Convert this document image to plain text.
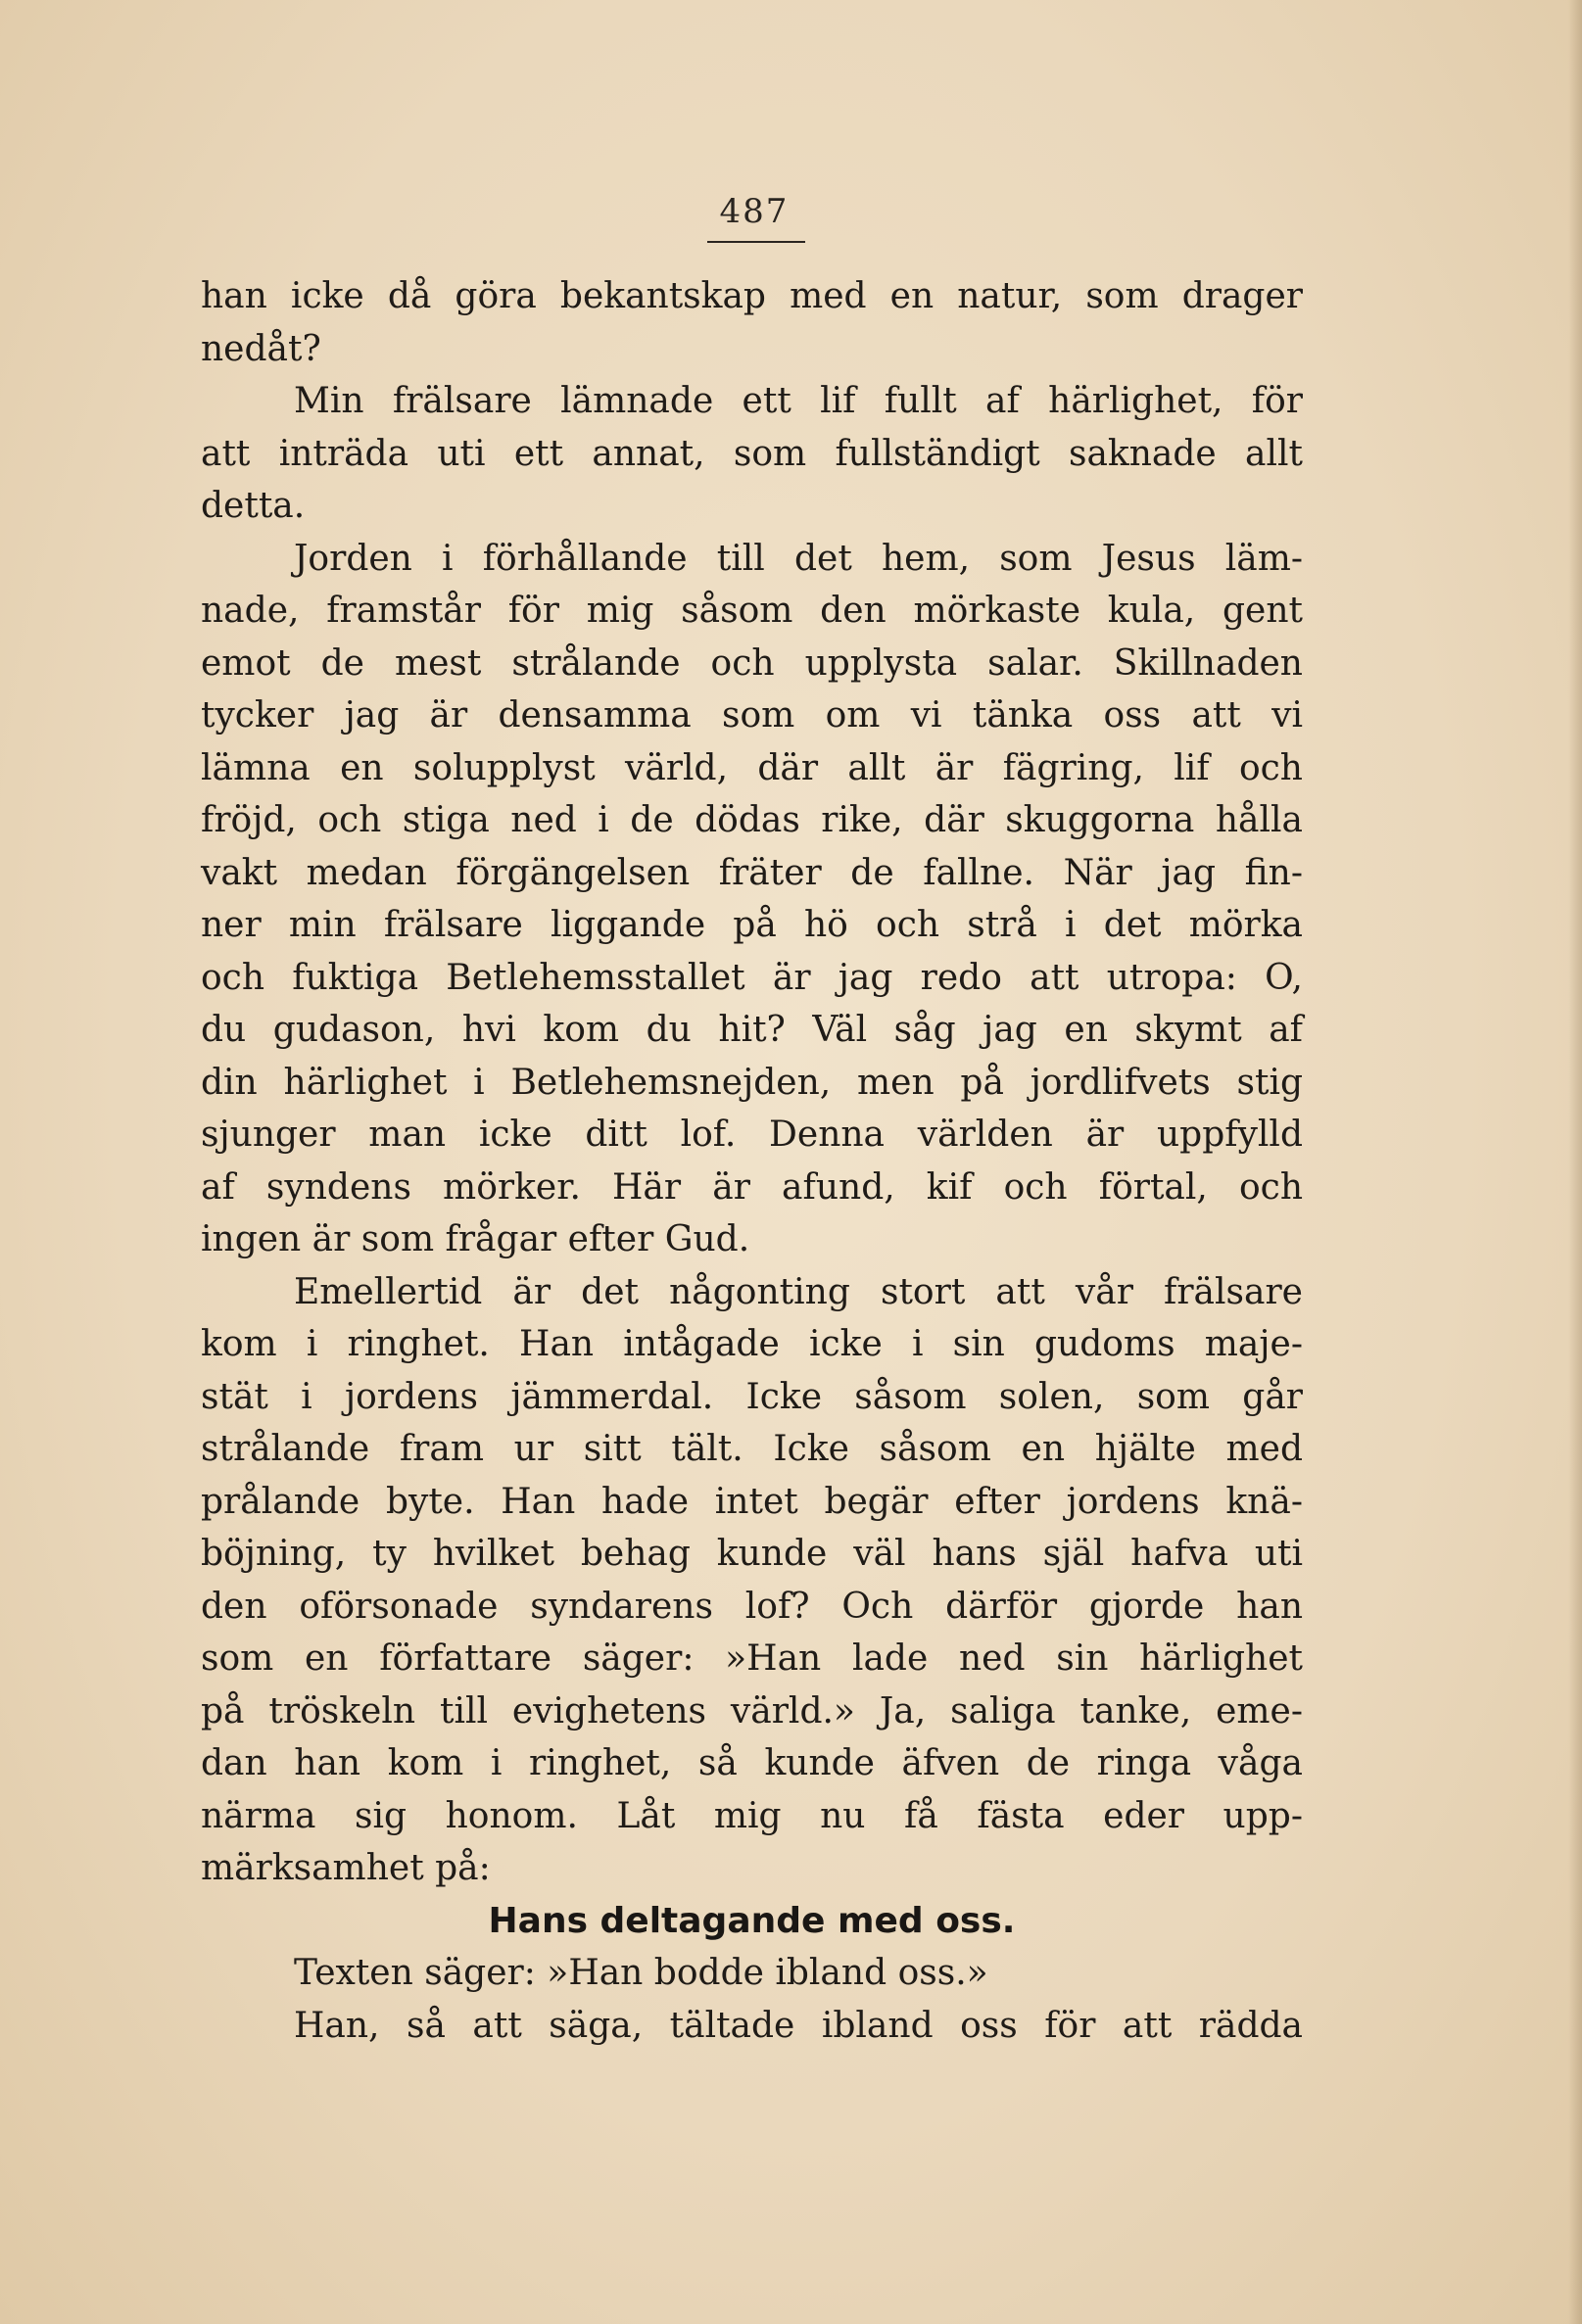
487
han icke då göra bekantskap med en natur, som drager
nedåt?
Min frälsare lämnade ett lif fullt af härlighet, för
att inträda uti ett annat, som fullständigt saknade allt
detta.
Jorden i förhållande till det hem, som Jesus läm-
nade, framstår för mig såsom den mörkaste kula, gent
emot de mest strålande och upplysta salar. Skillnaden
tycker jag är densamma som om vi tänka oss att vi
lämna en solupplyst värld, där allt är fägring, lif och
fröjd, och stiga ned i de dödas rike, där skuggorna hålla
vakt medan förgängelsen fräter de fallne. När jag fin-
ner min frälsare liggande på hö och strå i det mörka
och fuktiga Betlehemsstallet är jag redo att utropa: O,
du gudason, hvi kom du hit? Väl såg jag en skymt af
din härlighet i Betlehemsnejden, men på jordlifvets stig
sjunger man icke ditt lof. Denna världen är uppfylld
af syndens mörker. Här är afund, kif och förtal, och
ingen är som frågar efter Gud.
Emellertid är det någonting stort att vår frälsare
kom i ringhet. Han intågade icke i sin gudoms maje-
stät i jordens jämmerdal. Icke såsom solen, som går
strålande fram ur sitt tält. Icke såsom en hjälte med
prålande byte. Han hade intet begär efter jordens knä-
böjning, ty hvilket behag kunde väl hans själ hafva uti
den oförsonade syndarens lof? Och därför gjorde han
som en författare säger: »Han lade ned sin härlighet
på tröskeln till evighetens värld.» Ja, saliga tanke, eme-
dan han kom i ringhet, så kunde äfven de ringa våga
närma sig honom. Låt mig nu få fästa eder upp-
märksamhet på:
Hans deltagande med oss.
Texten säger: »Han bodde ibland oss.»
Han, så att säga, tältade ibland oss för att rädda
